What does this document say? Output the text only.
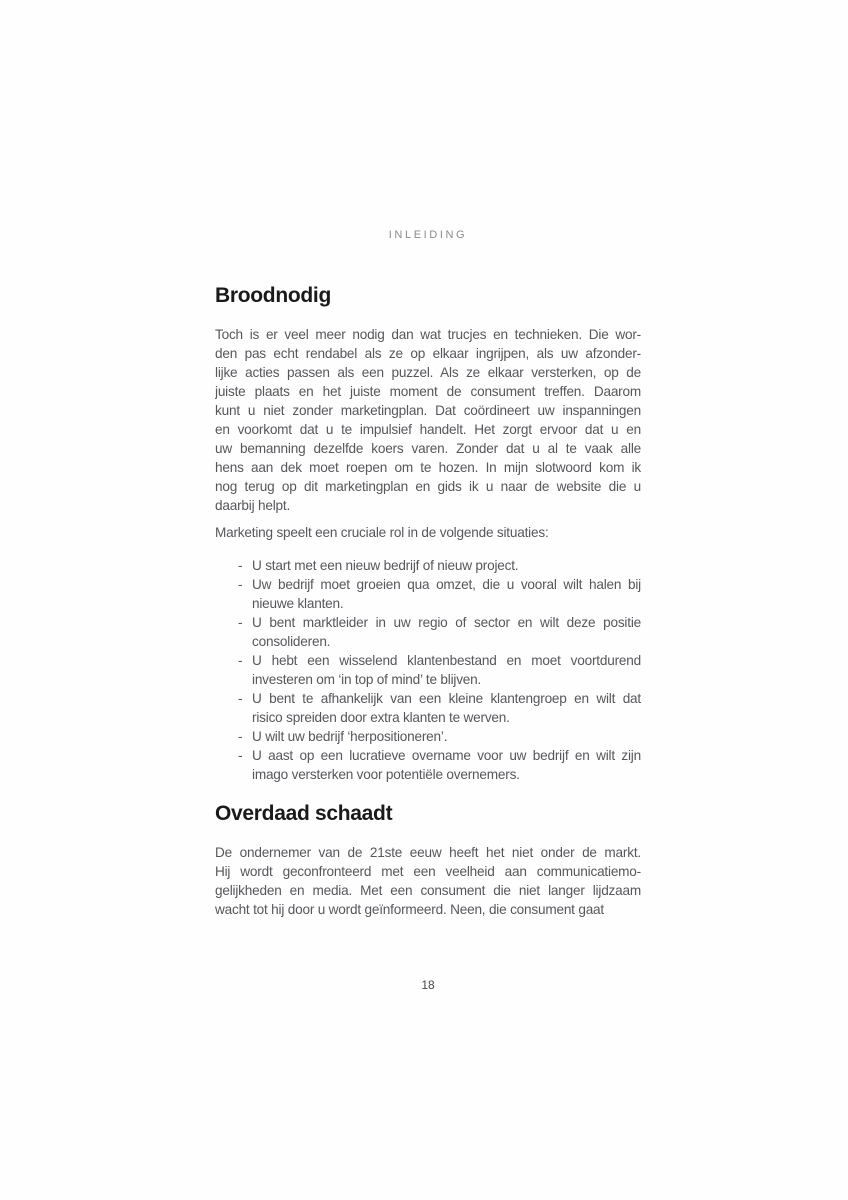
INLEIDING
Broodnodig
Toch is er veel meer nodig dan wat trucjes en technieken. Die wor-
den pas echt rendabel als ze op elkaar ingrijpen, als uw afzonder-
lijke acties passen als een puzzel. Als ze elkaar versterken, op de
juiste plaats en het juiste moment de consument treffen. Daarom
kunt u niet zonder marketingplan. Dat coördineert uw inspanningen
en voorkomt dat u te impulsief handelt. Het zorgt ervoor dat u en
uw bemanning dezelfde koers varen. Zonder dat u al te vaak alle
hens aan dek moet roepen om te hozen. In mijn slotwoord kom ik
nog terug op dit marketingplan en gids ik u naar de website die u
daarbij helpt.
Marketing speelt een cruciale rol in de volgende situaties:
- U start met een nieuw bedrijf of nieuw project.
- Uw bedrijf moet groeien qua omzet, die u vooral wilt halen bij
nieuwe klanten.
- U bent marktleider in uw regio of sector en wilt deze positie
consolideren.
- U hebt een wisselend klantenbestand en moet voortdurend
investeren om ‘in top of mind’ te blijven.
- U bent te afhankelijk van een kleine klantengroep en wilt dat
risico spreiden door extra klanten te werven.
- U wilt uw bedrijf ‘herpositioneren’.
- U aast op een lucratieve overname voor uw bedrijf en wilt zijn
imago versterken voor potentiële overnemers.
Overdaad schaadt
De ondernemer van de 21ste eeuw heeft het niet onder de markt.
Hij wordt geconfronteerd met een veelheid aan communicatiemo-
gelijkheden en media. Met een consument die niet langer lijdzaam
wacht tot hij door u wordt geïnformeerd. Neen, die consument gaat
18
